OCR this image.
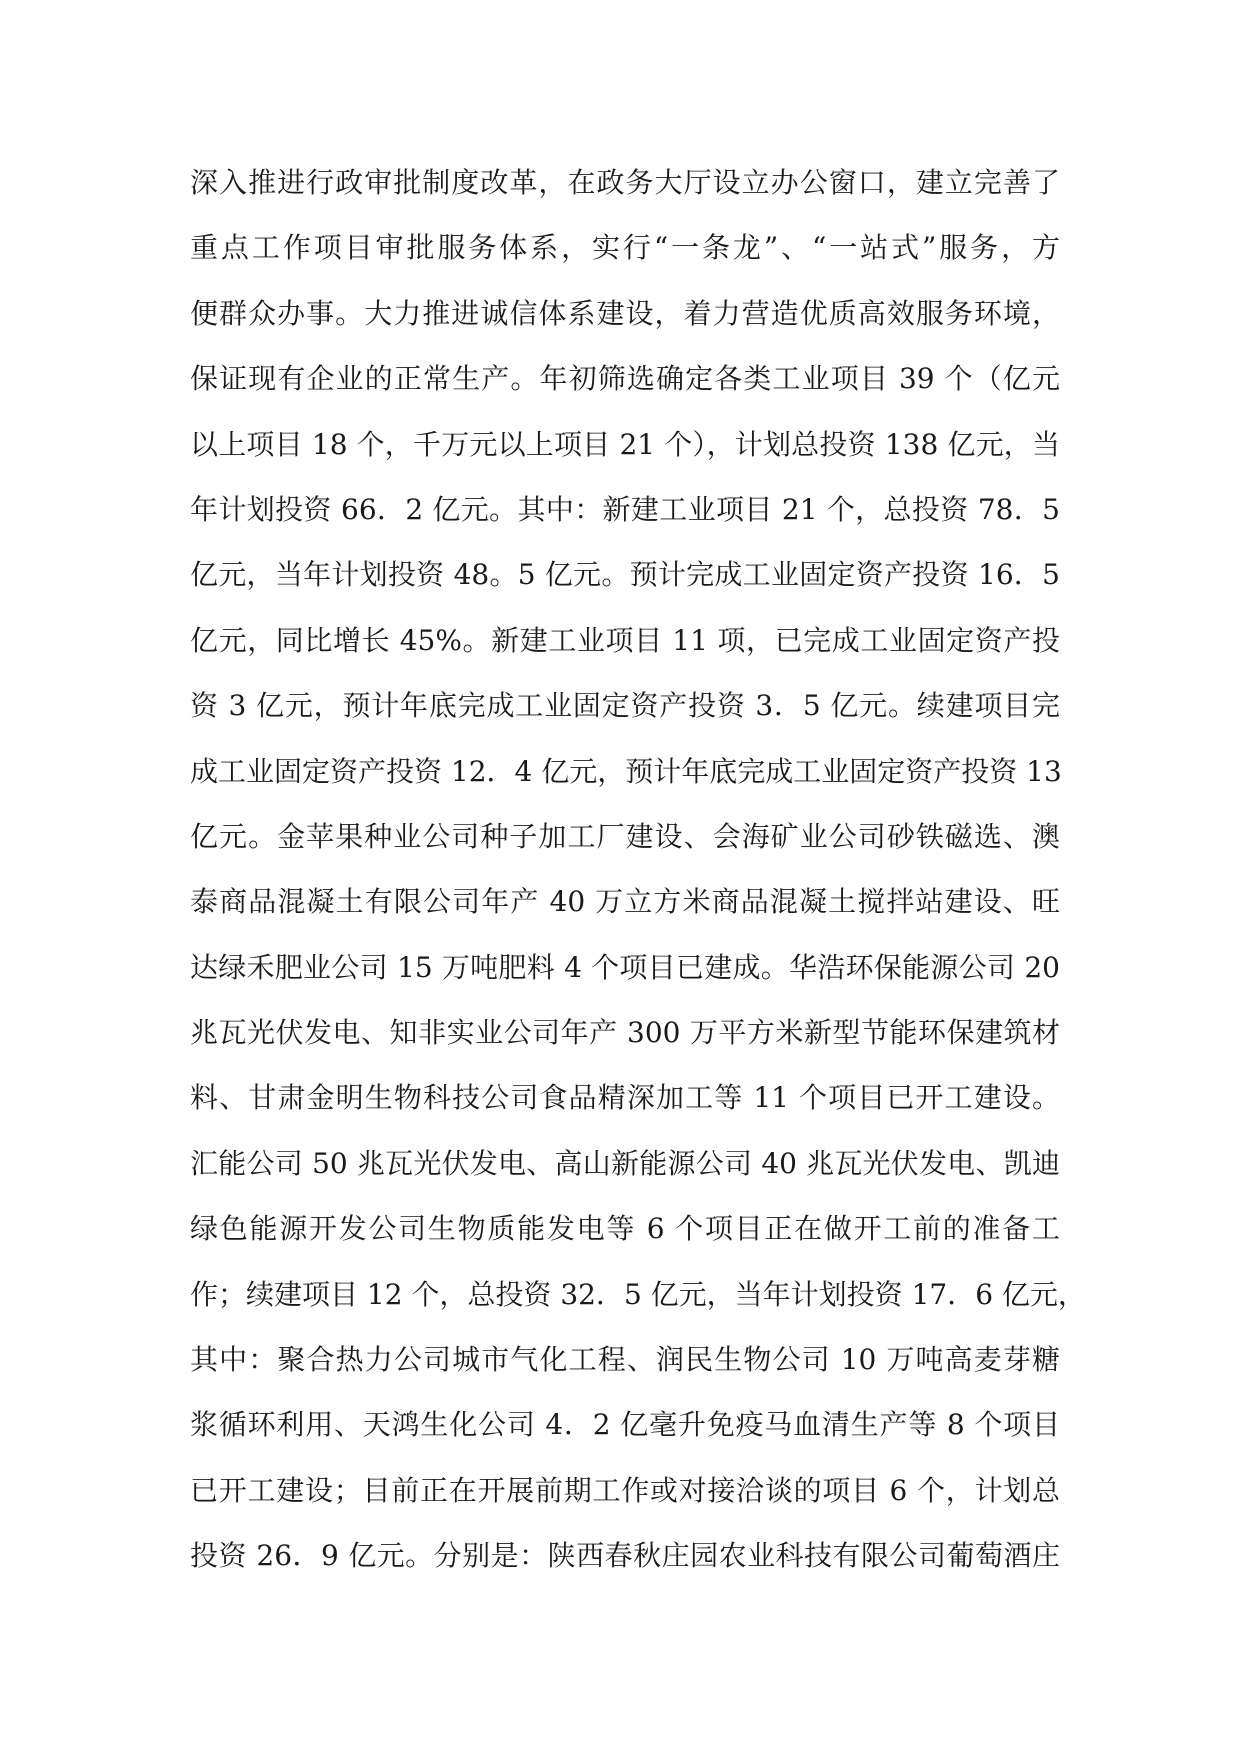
深入推进行政审批制度改革，在政务大厅设立办公窗口，建立完善了
重点工作项目审批服务体系，实行“一条龙”、“一站式”服务，方
便群众办事。大力推进诚信体系建设，着力营造优质高效服务环境，
保证现有企业的正常生产。年初筛选确定各类工业项目 39 个（亿元
以上项目 18 个，千万元以上项目 21 个），计划总投资 138 亿元，当
年计划投资 66．2 亿元。其中：新建工业项目 21 个，总投资 78．5
亿元，当年计划投资 48。5 亿元。预计完成工业固定资产投资 16．5
亿元，同比增长 45%。新建工业项目 11 项，已完成工业固定资产投
资 3 亿元，预计年底完成工业固定资产投资 3．5 亿元。续建项目完
成工业固定资产投资 12．4 亿元，预计年底完成工业固定资产投资 13
亿元。金苹果种业公司种子加工厂建设、会海矿业公司砂铁磁选、澳
泰商品混凝土有限公司年产 40 万立方米商品混凝土搅拌站建设、旺
达绿禾肥业公司 15 万吨肥料 4 个项目已建成。华浩环保能源公司 20
兆瓦光伏发电、知非实业公司年产 300 万平方米新型节能环保建筑材
料、甘肃金明生物科技公司食品精深加工等 11 个项目已开工建设。
汇能公司 50 兆瓦光伏发电、高山新能源公司 40 兆瓦光伏发电、凯迪
绿色能源开发公司生物质能发电等 6 个项目正在做开工前的准备工
作；续建项目 12 个，总投资 32．5 亿元，当年计划投资 17．6 亿元，
其中：聚合热力公司城市气化工程、润民生物公司 10 万吨高麦芽糖
浆循环利用、天鸿生化公司 4．2 亿毫升免疫马血清生产等 8 个项目
已开工建设；目前正在开展前期工作或对接洽谈的项目 6 个，计划总
投资 26．9 亿元。分别是：陕西春秋庄园农业科技有限公司葡萄酒庄
